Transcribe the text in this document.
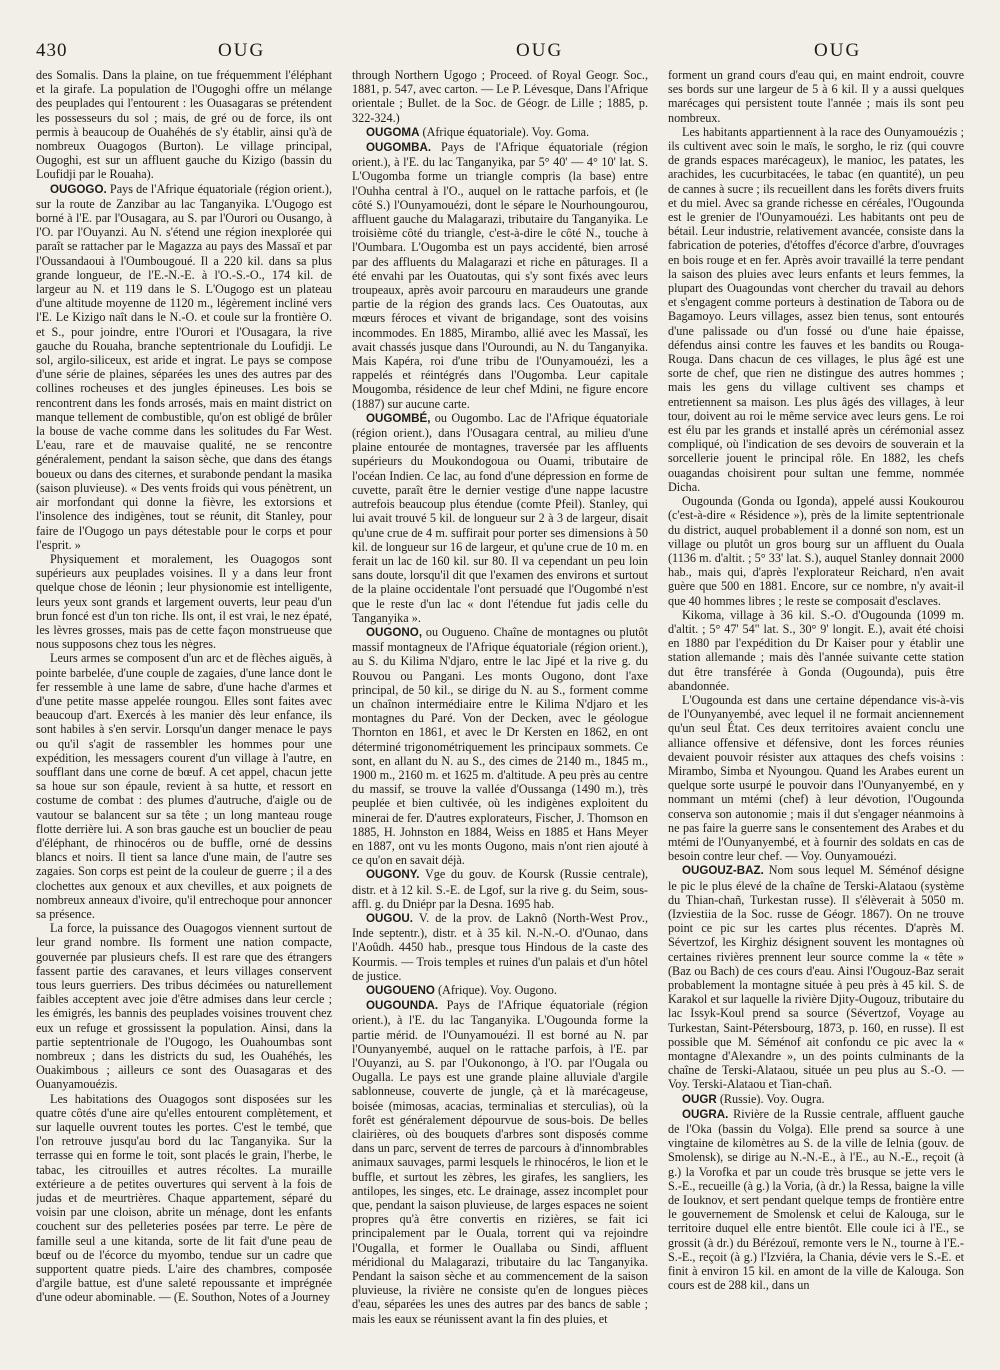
430	OUG	OUG	OUG

des Somalis. Dans la plaine, on tue fréquemment l'éléphant et la girafe. La population de l'Ougoghi offre un mélange des peuplades qui l'entourent : les Ouasagaras se prétendent les possesseurs du sol ; mais, de gré ou de force, ils ont permis à beaucoup de Ouahéhés de s'y établir, ainsi qu'à de nombreux Ouagogos (Burton). Le village principal, Ougoghi, est sur un affluent gauche du Kizigo (bassin du Loufidji par le Rouaha).

OUGOGO. Pays de l'Afrique équatoriale (région orient.), sur la route de Zanzibar au lac Tanganyika. L'Ougogo est borné à l'E. par l'Ousagara, au S. par l'Ourori ou Ousango, à l'O. par l'Ouyanzi. Au N. s'étend une région inexplorée qui paraît se rattacher par le Magazza au pays des Massaï et par l'Oussandaoui à l'Oumbougoué. Il a 220 kil. dans sa plus grande longueur, de l'E.-N.-E. à l'O.-S.-O., 174 kil. de largeur au N. et 119 dans le S. L'Ougogo est un plateau d'une altitude moyenne de 1120 m., légèrement incliné vers l'E. Le Kizigo naît dans le N.-O. et coule sur la frontière O. et S., pour joindre, entre l'Ourori et l'Ousagara, la rive gauche du Rouaha, branche septentrionale du Loufidji. Le sol, argilo-siliceux, est aride et ingrat. Le pays se compose d'une série de plaines, séparées les unes des autres par des collines rocheuses et des jungles épineuses. Les bois se rencontrent dans les fonds arrosés, mais en maint district on manque tellement de combustible, qu'on est obligé de brûler la bouse de vache comme dans les solitudes du Far West. L'eau, rare et de mauvaise qualité, ne se rencontre généralement, pendant la saison sèche, que dans des étangs boueux ou dans des citernes, et surabonde pendant la masika (saison pluvieuse). « Des vents froids qui vous pénètrent, un air morfondant qui donne la fièvre, les extorsions et l'insolence des indigènes, tout se réunit, dit Stanley, pour faire de l'Ougogo un pays détestable pour le corps et pour l'esprit. »

Physiquement et moralement, les Ouagogos sont supérieurs aux peuplades voisines. Il y a dans leur front quelque chose de léonin ; leur physionomie est intelligente, leurs yeux sont grands et largement ouverts, leur peau d'un brun foncé est d'un ton riche. Ils ont, il est vrai, le nez épaté, les lèvres grosses, mais pas de cette façon monstrueuse que nous supposons chez tous les nègres.

Leurs armes se composent d'un arc et de flèches aiguës, à pointe barbelée, d'une couple de zagaies, d'une lance dont le fer ressemble à une lame de sabre, d'une hache d'armes et d'une petite masse appelée roungou. Elles sont faites avec beaucoup d'art. Exercés à les manier dès leur enfance, ils sont habiles à s'en servir. Lorsqu'un danger menace le pays ou qu'il s'agit de rassembler les hommes pour une expédition, les messagers courent d'un village à l'autre, en soufflant dans une corne de bœuf. A cet appel, chacun jette sa houe sur son épaule, revient à sa hutte, et ressort en costume de combat : des plumes d'autruche, d'aigle ou de vautour se balancent sur sa tête ; un long manteau rouge flotte derrière lui. A son bras gauche est un bouclier de peau d'éléphant, de rhinocéros ou de buffle, orné de dessins blancs et noirs. Il tient sa lance d'une main, de l'autre ses zagaies. Son corps est peint de la couleur de guerre ; il a des clochettes aux genoux et aux chevilles, et aux poignets de nombreux anneaux d'ivoire, qu'il entrechoque pour annoncer sa présence.

La force, la puissance des Ouagogos viennent surtout de leur grand nombre. Ils forment une nation compacte, gouvernée par plusieurs chefs. Il est rare que des étrangers fassent partie des caravanes, et leurs villages conservent tous leurs guerriers. Des tribus décimées ou naturellement faibles acceptent avec joie d'être admises dans leur cercle ; les émigrés, les bannis des peuplades voisines trouvent chez eux un refuge et grossissent la population. Ainsi, dans la partie septentrionale de l'Ougogo, les Ouahoumbas sont nombreux ; dans les districts du sud, les Ouahéhés, les Ouakimbous ; ailleurs ce sont des Ouasagaras et des Ouanyamouézis.

Les habitations des Ouagogos sont disposées sur les quatre côtés d'une aire qu'elles entourent complètement, et sur laquelle ouvrent toutes les portes. C'est le tembé, que l'on retrouve jusqu'au bord du lac Tanganyika. Sur la terrasse qui en forme le toit, sont placés le grain, l'herbe, le tabac, les citrouilles et autres récoltes. La muraille extérieure a de petites ouvertures qui servent à la fois de judas et de meurtrières. Chaque appartement, séparé du voisin par une cloison, abrite un ménage, dont les enfants couchent sur des pelleteries posées par terre. Le père de famille seul a une kitanda, sorte de lit fait d'une peau de bœuf ou de l'écorce du myombo, tendue sur un cadre que supportent quatre pieds. L'aire des chambres, composée d'argile battue, est d'une saleté repoussante et imprégnée d'une odeur abominable. — (E. Southon, Notes of a Journey

through Northern Ugogo ; Proceed. of Royal Geogr. Soc., 1881, p. 547, avec carton. — Le P. Lévesque, Dans l'Afrique orientale ; Bullet. de la Soc. de Géogr. de Lille ; 1885, p. 322-324.)

OUGOMA (Afrique équatoriale). Voy. Goma.

OUGOMBA. Pays de l'Afrique équatoriale (région orient.), à l'E. du lac Tanganyika, par 5° 40' — 4° 10' lat. S. L'Ougomba forme un triangle compris (la base) entre l'Ouhha central à l'O., auquel on le rattache parfois, et (le côté S.) l'Ounyamouézi, dont le sépare le Nourhoungourou, affluent gauche du Malagarazi, tributaire du Tanganyika. Le troisième côté du triangle, c'est-à-dire le côté N., touche à l'Oumbara. L'Ougomba est un pays accidenté, bien arrosé par des affluents du Malagarazi et riche en pâturages. Il a été envahi par les Ouatoutas, qui s'y sont fixés avec leurs troupeaux, après avoir parcouru en maraudeurs une grande partie de la région des grands lacs. Ces Ouatoutas, aux mœurs féroces et vivant de brigandage, sont des voisins incommodes. En 1885, Mirambo, allié avec les Massaï, les avait chassés jusque dans l'Ouroundi, au N. du Tanganyika. Mais Kapéra, roi d'une tribu de l'Ounyamouézi, les a rappelés et réintégrés dans l'Ougomba. Leur capitale Mougomba, résidence de leur chef Mdini, ne figure encore (1887) sur aucune carte.

OUGOMBÉ, ou Ougombo. Lac de l'Afrique équatoriale (région orient.), dans l'Ousagara central, au milieu d'une plaine entourée de montagnes, traversée par les affluents supérieurs du Moukondogoua ou Ouami, tributaire de l'océan Indien. Ce lac, au fond d'une dépression en forme de cuvette, paraît être le dernier vestige d'une nappe lacustre autrefois beaucoup plus étendue (comte Pfeil). Stanley, qui lui avait trouvé 5 kil. de longueur sur 2 à 3 de largeur, disait qu'une crue de 4 m. suffirait pour porter ses dimensions à 50 kil. de longueur sur 16 de largeur, et qu'une crue de 10 m. en ferait un lac de 160 kil. sur 80. Il va cependant un peu loin sans doute, lorsqu'il dit que l'examen des environs et surtout de la plaine occidentale l'ont persuadé que l'Ougombé n'est que le reste d'un lac « dont l'étendue fut jadis celle du Tanganyika ».

OUGONO, ou Ougueno. Chaîne de montagnes ou plutôt massif montagneux de l'Afrique équatoriale (région orient.), au S. du Kilima N'djaro, entre le lac Jipé et la rive g. du Rouvou ou Pangani. Les monts Ougono, dont l'axe principal, de 50 kil., se dirige du N. au S., forment comme un chaînon intermédiaire entre le Kilima N'djaro et les montagnes du Paré. Von der Decken, avec le géologue Thornton en 1861, et avec le Dr Kersten en 1862, en ont déterminé trigonométriquement les principaux sommets. Ce sont, en allant du N. au S., des cimes de 2140 m., 1845 m., 1900 m., 2160 m. et 1625 m. d'altitude. A peu près au centre du massif, se trouve la vallée d'Oussanga (1490 m.), très peuplée et bien cultivée, où les indigènes exploitent du minerai de fer. D'autres explorateurs, Fischer, J. Thomson en 1885, H. Johnston en 1884, Weiss en 1885 et Hans Meyer en 1887, ont vu les monts Ougono, mais n'ont rien ajouté à ce qu'on en savait déjà.

OUGONY. Vge du gouv. de Koursk (Russie centrale), distr. et à 12 kil. S.-E. de Lgof, sur la rive g. du Seim, sous-affl. g. du Dniépr par la Desna. 1695 hab.

OUGOU. V. de la prov. de Laknô (North-West Prov., Inde septentr.), distr. et à 35 kil. N.-N.-O. d'Ounao, dans l'Aoûdh. 4450 hab., presque tous Hindous de la caste des Kourmis. — Trois temples et ruines d'un palais et d'un hôtel de justice.

OUGOUENO (Afrique). Voy. Ougono.

OUGOUNDA. Pays de l'Afrique équatoriale (région orient.), à l'E. du lac Tanganyika. L'Ougounda forme la partie mérid. de l'Ounyamouézi. Il est borné au N. par l'Ounyanyembé, auquel on le rattache parfois, à l'E. par l'Ouyanzi, au S. par l'Oukonongo, à l'O. par l'Ougala ou Ougalla. Le pays est une grande plaine alluviale d'argile sablonneuse, couverte de jungle, çà et là marécageuse, boisée (mimosas, acacias, terminalias et sterculias), où la forêt est généralement dépourvue de sous-bois. De belles clairières, où des bouquets d'arbres sont disposés comme dans un parc, servent de terres de parcours à d'innombrables animaux sauvages, parmi lesquels le rhinocéros, le lion et le buffle, et surtout les zèbres, les girafes, les sangliers, les antilopes, les singes, etc. Le drainage, assez incomplet pour que, pendant la saison pluvieuse, de larges espaces ne soient propres qu'à être convertis en rizières, se fait ici principalement par le Ouala, torrent qui va rejoindre l'Ougalla, et former le Ouallaba ou Sindi, affluent méridional du Malagarazi, tributaire du lac Tanganyika. Pendant la saison sèche et au commencement de la saison pluvieuse, la rivière ne consiste qu'en de longues pièces d'eau, séparées les unes des autres par des bancs de sable ; mais les eaux se réunissent avant la fin des pluies, et

forment un grand cours d'eau qui, en maint endroit, couvre ses bords sur une largeur de 5 à 6 kil. Il y a aussi quelques marécages qui persistent toute l'année ; mais ils sont peu nombreux.

Les habitants appartiennent à la race des Ounyamouézis ; ils cultivent avec soin le maïs, le sorgho, le riz (qui couvre de grands espaces marécageux), le manioc, les patates, les arachides, les cucurbitacées, le tabac (en quantité), un peu de cannes à sucre ; ils recueillent dans les forêts divers fruits et du miel. Avec sa grande richesse en céréales, l'Ougounda est le grenier de l'Ounyamouézi. Les habitants ont peu de bétail. Leur industrie, relativement avancée, consiste dans la fabrication de poteries, d'étoffes d'écorce d'arbre, d'ouvrages en bois rouge et en fer. Après avoir travaillé la terre pendant la saison des pluies avec leurs enfants et leurs femmes, la plupart des Ouagoundas vont chercher du travail au dehors et s'engagent comme porteurs à destination de Tabora ou de Bagamoyo. Leurs villages, assez bien tenus, sont entourés d'une palissade ou d'un fossé ou d'une haie épaisse, défendus ainsi contre les fauves et les bandits ou Rouga-Rouga. Dans chacun de ces villages, le plus âgé est une sorte de chef, que rien ne distingue des autres hommes ; mais les gens du village cultivent ses champs et entretiennent sa maison. Les plus âgés des villages, à leur tour, doivent au roi le même service avec leurs gens. Le roi est élu par les grands et installé après un cérémonial assez compliqué, où l'indication de ses devoirs de souverain et la sorcellerie jouent le principal rôle. En 1882, les chefs ouagandas choisirent pour sultan une femme, nommée Dicha.

Ougounda (Gonda ou Igonda), appelé aussi Koukourou (c'est-à-dire « Résidence »), près de la limite septentrionale du district, auquel probablement il a donné son nom, est un village ou plutôt un gros bourg sur un affluent du Ouala (1136 m. d'altit. ; 5° 33' lat. S.), auquel Stanley donnait 2000 hab., mais qui, d'après l'explorateur Reichard, n'en avait guère que 500 en 1881. Encore, sur ce nombre, n'y avait-il que 40 hommes libres ; le reste se composait d'esclaves.

Kikoma, village à 36 kil. S.-O. d'Ougounda (1099 m. d'altit. ; 5° 47' 54" lat. S., 30° 9' longit. E.), avait été choisi en 1880 par l'expédition du Dr Kaiser pour y établir une station allemande ; mais dès l'année suivante cette station dut être transférée à Gonda (Ougounda), puis être abandonnée.

L'Ougounda est dans une certaine dépendance vis-à-vis de l'Ounyanyembé, avec lequel il ne formait anciennement qu'un seul État. Ces deux territoires avaient conclu une alliance offensive et défensive, dont les forces réunies devaient pouvoir résister aux attaques des chefs voisins : Mirambo, Simba et Nyoungou. Quand les Arabes eurent un quelque sorte usurpé le pouvoir dans l'Ounyanyembé, en y nommant un mtémi (chef) à leur dévotion, l'Ougounda conserva son autonomie ; mais il dut s'engager néanmoins à ne pas faire la guerre sans le consentement des Arabes et du mtémi de l'Ounyanyembé, et à fournir des soldats en cas de besoin contre leur chef. — Voy. Ounyamouézi.

OUGOUZ-BAZ. Nom sous lequel M. Séménof désigne le pic le plus élevé de la chaîne de Terski-Alataou (système du Thian-chañ, Turkestan russe). Il s'élèverait à 5050 m. (Izviestiia de la Soc. russe de Géogr. 1867). On ne trouve point ce pic sur les cartes plus récentes. D'après M. Sévertzof, les Kirghiz désignent souvent les montagnes où certaines rivières prennent leur source comme la « tête » (Baz ou Bach) de ces cours d'eau. Ainsi l'Ougouz-Baz serait probablement la montagne située à peu près à 45 kil. S. de Karakol et sur laquelle la rivière Djity-Ougouz, tributaire du lac Issyk-Koul prend sa source (Sévertzof, Voyage au Turkestan, Saint-Pétersbourg, 1873, p. 160, en russe). Il est possible que M. Séménof ait confondu ce pic avec la « montagne d'Alexandre », un des points culminants de la chaîne de Terski-Alataou, située un peu plus au S.-O. — Voy. Terski-Alataou et Tian-chañ.

OUGR (Russie). Voy. Ougra.

OUGRA. Rivière de la Russie centrale, affluent gauche de l'Oka (bassin du Volga). Elle prend sa source à une vingtaine de kilomètres au S. de la ville de Ielnia (gouv. de Smolensk), se dirige au N.-N.-E., à l'E., au N.-E., reçoit (à g.) la Vorofka et par un coude très brusque se jette vers le S.-E., recueille (à g.) la Voria, (à dr.) la Ressa, baigne la ville de Iouknov, et sert pendant quelque temps de frontière entre le gouvernement de Smolensk et celui de Kalouga, sur le territoire duquel elle entre bientôt. Elle coule ici à l'E., se grossit (à dr.) du Bérézouï, remonte vers le N., tourne à l'E.-S.-E., reçoit (à g.) l'Izviéra, la Chania, dévie vers le S.-E. et finit à environ 15 kil. en amont de la ville de Kalouga. Son cours est de 288 kil., dans un
